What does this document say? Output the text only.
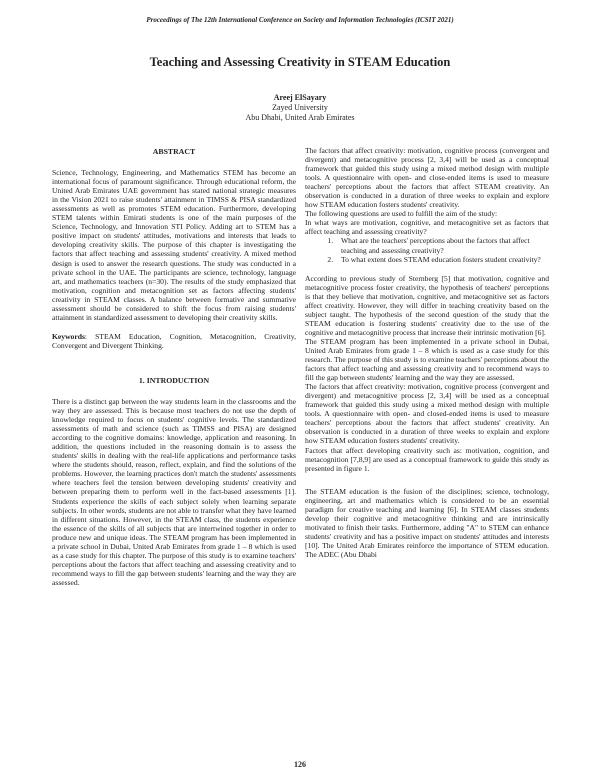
Proceedings of The 12th International Conference on Society and Information Technologies (ICSIT 2021)
Teaching and Assessing Creativity in STEAM Education
Areej ElSayary
Zayed University
Abu Dhabi, United Arab Emirates
ABSTRACT

Science, Technology, Engineering, and Mathematics STEM has become an international focus of paramount significance. Through educational reform, the United Arab Emirates UAE government has stated national strategic measures in the Vision 2021 to raise students' attainment in TIMSS & PISA standardized assessments as well as promotes STEM education. Furthermore, developing STEM talents within Emirati students is one of the main purposes of the Science, Technology, and Innovation STI Policy. Adding art to STEM has a positive impact on students' attitudes, motivations and interests that leads to developing creativity skills. The purpose of this chapter is investigating the factors that affect teaching and assessing students' creativity. A mixed method design is used to answer the research questions. The study was conducted in a private school in the UAE. The participants are science, technology, language art, and mathematics teachers (n=30). The results of the study emphasized that motivation, cognition and metacognition set as factors affecting students' creativity in STEAM classes. A balance between formative and summative assessment should be considered to shift the focus from raising students' attainment in standardized assessment to developing their creativity skills.

Keywords: STEAM Education, Cognition, Metacognition, Creativity, Convergent and Divergent Thinking.

1. INTRODUCTION

There is a distinct gap between the way students learn in the classrooms and the way they are assessed. This is because most teachers do not use the depth of knowledge required to focus on students' cognitive levels. The standardized assessments of math and science (such as TIMSS and PISA) are designed according to the cognitive domains: knowledge, application and reasoning. In addition, the questions included in the reasoning domain is to assess the students' skills in dealing with the real-life applications and performance tasks where the students should, reason, reflect, explain, and find the solutions of the problems. However, the learning practices don't match the students' assessments where teachers feel the tension between developing students' creativity and between preparing them to perform well in the fact-based assessments [1]. Students experience the skills of each subject solely when learning separate subjects. In other words, students are not able to transfer what they have learned in different situations. However, in the STEAM class, the students experience the essence of the skills of all subjects that are intertwined together in order to produce new and unique ideas. The STEAM program has been implemented in a private school in Dubai, United Arab Emirates from grade 1 – 8 which is used as a case study for this chapter. The purpose of this study is to examine teachers' perceptions about the factors that affect teaching and assessing creativity and to recommend ways to fill the gap between students' learning and the way they are assessed.

The factors that affect creativity: motivation, cognitive process (convergent and divergent) and metacognitive process [2, 3,4] will be used as a conceptual framework that guided this study using a mixed method design with multiple tools. A questionnaire with open- and close-ended items is used to measure teachers' perceptions about the factors that affect STEAM creativity. An observation is conducted in a duration of three weeks to explain and explore how STEAM education fosters students' creativity.

The following questions are used to fulfill the aim of the study:

In what ways are motivation, cognitive, and metacognitive set as factors that affect teaching and assessing creativity?

1. What are the teachers' perceptions about the factors that affect teaching and assessing creativity?
2. To what extent does STEAM education fosters student creativity?

According to previous study of Sternberg [5] that motivation, cognitive and metacognitive process foster creativity, the hypothesis of teachers' perceptions is that they believe that motivation, cognitive, and metacognitive set as factors affect creativity. However, they will differ in teaching creativity based on the subject taught. The hypothesis of the second question of the study that the STEAM education is fostering students' creativity due to the use of the cognitive and metacognitive process that increase their intrinsic motivation [6].

The STEAM program has been implemented in a private school in Dubai, United Arab Emirates from grade 1 – 8 which is used as a case study for this research. The purpose of this study is to examine teachers' perceptions about the factors that affect teaching and assessing creativity and to recommend ways to fill the gap between students' learning and the way they are assessed.

The factors that affect creativity: motivation, cognitive process (convergent and divergent) and metacognitive process [2, 3,4] will be used as a conceptual framework that guided this study using a mixed method design with multiple tools. A questionnaire with open- and closed-ended items is used to measure teachers' perceptions about the factors that affect students' creativity. An observation is conducted in a duration of three weeks to explain and explore how STEAM education fosters students' creativity.

Factors that affect developing creativity such as: motivation, cognition, and metacognition [7,8,9] are used as a conceptual framework to guide this study as presented in figure 1.

The STEAM education is the fusion of the disciplines; science, technology, engineering, art and mathematics which is considered to be an essential paradigm for creative teaching and learning [6]. In STEAM classes students develop their cognitive and metacognitive thinking and are intrinsically motivated to finish their tasks. Furthermore, adding "A" to STEM can enhance students' creativity and has a positive impact on students' attitudes and interests [10]. The United Arab Emirates reinforce the importance of STEM education. The ADEC (Abu Dhabi

126
